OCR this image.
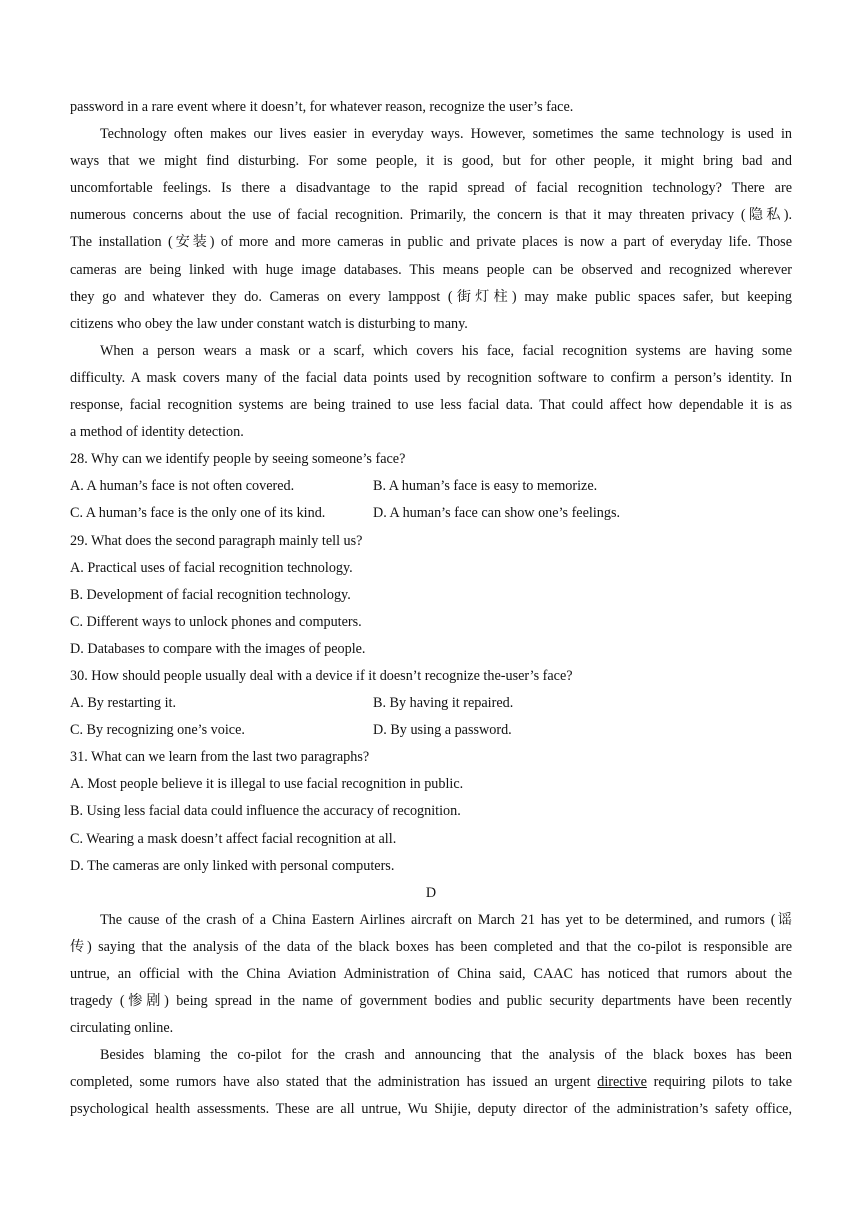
password in a rare event where it doesn’t, for whatever reason, recognize the user’s face.
Technology often makes our lives easier in everyday ways. However, sometimes the same technology is used in
ways that we might find disturbing. For some people, it is good, but for other people, it might bring bad and
uncomfortable feelings. Is there a disadvantage to the rapid spread of facial recognition technology? There are
numerous concerns about the use of facial recognition. Primarily, the concern is that it may threaten privacy (隐私).
The installation (安装) of more and more cameras in public and private places is now a part of everyday life. Those
cameras are being linked with huge image databases. This means people can be observed and recognized wherever
they go and whatever they do. Cameras on every lamppost (街灯柱) may make public spaces safer, but keeping
citizens who obey the law under constant watch is disturbing to many.
When a person wears a mask or a scarf, which covers his face, facial recognition systems are having some
difficulty. A mask covers many of the facial data points used by recognition software to confirm a person’s identity. In
response, facial recognition systems are being trained to use less facial data. That could affect how dependable it is as
a method of identity detection.
28. Why can we identify people by seeing someone’s face?
A. A human’s face is not often covered.	B. A human’s face is easy to memorize.
C. A human’s face is the only one of its kind.	D. A human’s face can show one’s feelings.
29. What does the second paragraph mainly tell us?
A. Practical uses of facial recognition technology.
B. Development of facial recognition technology.
C. Different ways to unlock phones and computers.
D. Databases to compare with the images of people.
30. How should people usually deal with a device if it doesn’t recognize the-user’s face?
A. By restarting it.	B. By having it repaired.
C. By recognizing one’s voice.	D. By using a password.
31. What can we learn from the last two paragraphs?
A. Most people believe it is illegal to use facial recognition in public.
B. Using less facial data could influence the accuracy of recognition.
C. Wearing a mask doesn’t affect facial recognition at all.
D. The cameras are only linked with personal computers.
D
The cause of the crash of a China Eastern Airlines aircraft on March 21 has yet to be determined, and rumors (谣
传) saying that the analysis of the data of the black boxes has been completed and that the co-pilot is responsible are
untrue, an official with the China Aviation Administration of China said, CAAC has noticed that rumors about the
tragedy (惨剧) being spread in the name of government bodies and public security departments have been recently
circulating online.
Besides blaming the co-pilot for the crash and announcing that the analysis of the black boxes has been
completed, some rumors have also stated that the administration has issued an urgent directive requiring pilots to take
psychological health assessments. These are all untrue, Wu Shijie, deputy director of the administration’s safety office,
